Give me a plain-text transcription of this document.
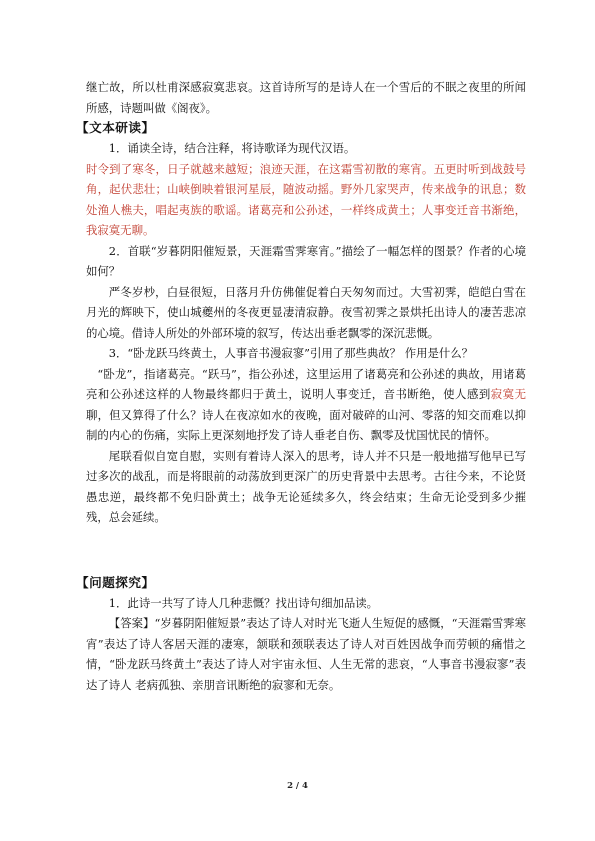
继亡故，所以杜甫深感寂寞悲哀。这首诗所写的是诗人在一个雪后的不眠之夜里的所闻所感，诗题叫做《阁夜》。

【文本研读】

1．诵读全诗，结合注释，将诗歌译为现代汉语。

时令到了寒冬，日子就越来越短；浪迹天涯，在这霜雪初散的寒宵。五更时听到战鼓号角，起伏悲壮；山峡倒映着银河星辰，随波动摇。野外几家哭声，传来战争的讯息；数处渔人樵夫，唱起夷族的歌谣。诸葛亮和公孙述，一样终成黄土；人事变迁音书渐绝，我寂寞无聊。

2．首联“岁暮阴阳催短景，天涯霜雪霁寒宵。”描绘了一幅怎样的图景？作者的心境如何？

严冬岁杪，白昼很短，日落月升仿佛催促着白天匆匆而过。大雪初霁，皑皑白雪在月光的辉映下，使山城夔州的冬夜更显凄清寂静。夜雪初霁之景烘托出诗人的凄苦悲凉的心境。借诗人所处的外部环境的叙写，传达出垂老飘零的深沉悲慨。

3．“卧龙跃马终黄土，人事音书漫寂寥”引用了那些典故？ 作用是什么？

“卧龙”，指诸葛亮。“跃马”，指公孙述，这里运用了诸葛亮和公孙述的典故，用诸葛亮和公孙述这样的人物最终都归于黄土，说明人事变迁，音书断绝，使人感到寂寞无聊，但又算得了什么？诗人在夜凉如水的夜晚，面对破碎的山河、零落的知交而难以抑制的内心的伤痛，实际上更深刻地抒发了诗人垂老自伤、飘零及忧国忧民的情怀。

尾联看似自宽自慰，实则有着诗人深入的思考，诗人并不只是一般地描写他早已写过多次的战乱，而是将眼前的动荡放到更深广的历史背景中去思考。古往今来，不论贤愚忠逆，最终都不免归卧黄土；战争无论延续多久，终会结束；生命无论受到多少摧残，总会延续。

【问题探究】

1．此诗一共写了诗人几种悲慨？找出诗句细加品读。

【答案】“岁暮阴阳催短景”表达了诗人对时光飞逝人生短促的感慨，“天涯霜雪霁寒宵”表达了诗人客居天涯的凄寒，颔联和颈联表达了诗人对百姓因战争而劳顿的痛惜之情，“卧龙跃马终黄土”表达了诗人对宇宙永恒、人生无常的悲哀，“人事音书漫寂寥”表达了诗人 老病孤独、亲朋音讯断绝的寂寥和无奈。

2 / 4
